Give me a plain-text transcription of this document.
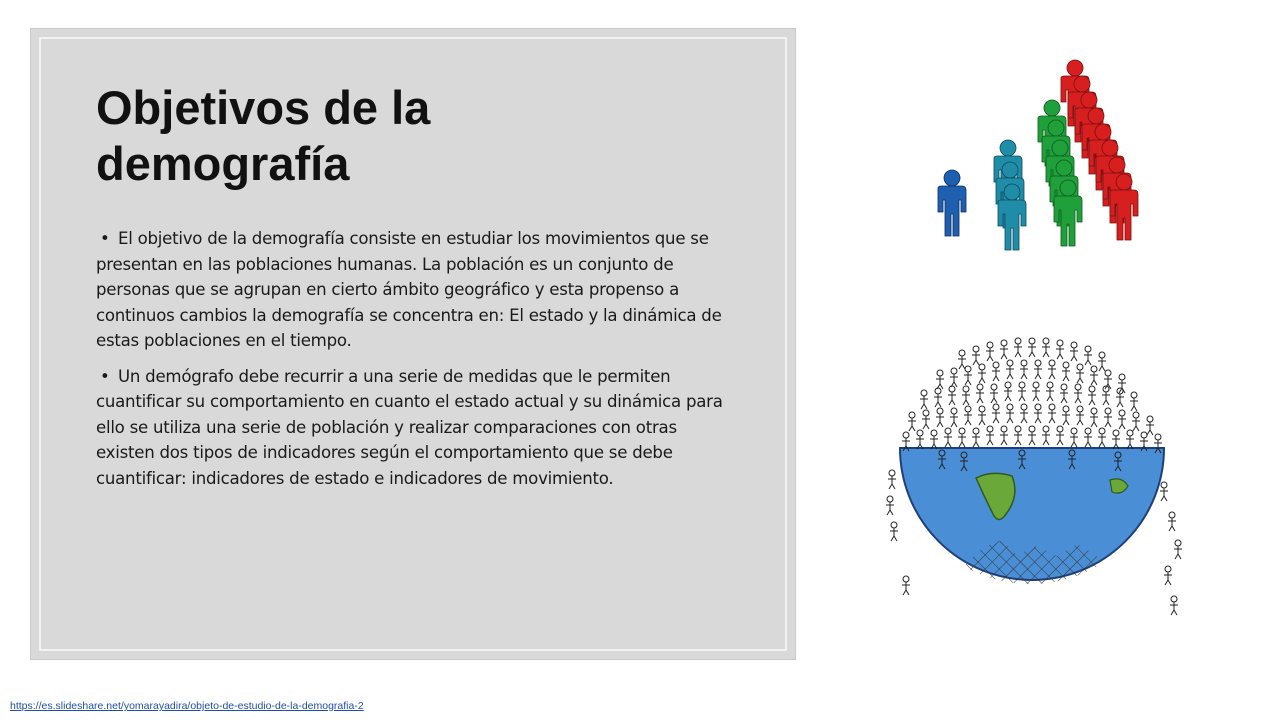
Objetivos de la demografía

• El objetivo de la demografía consiste en estudiar los movimientos que se presentan en las poblaciones humanas. La población es un conjunto de personas que se agrupan en cierto ámbito geográfico y esta propenso a continuos cambios la demografía se concentra en: El estado y la dinámica de estas poblaciones en el tiempo.

• Un demógrafo debe recurrir a una serie de medidas que le permiten cuantificar su comportamiento en cuanto el estado actual y su dinámica para ello se utiliza una serie de población y realizar comparaciones con otras existen dos tipos de indicadores según el comportamiento que se debe cuantificar: indicadores de estado e indicadores de movimiento.

https://es.slideshare.net/yomarayadira/objeto-de-estudio-de-la-demografia-2
